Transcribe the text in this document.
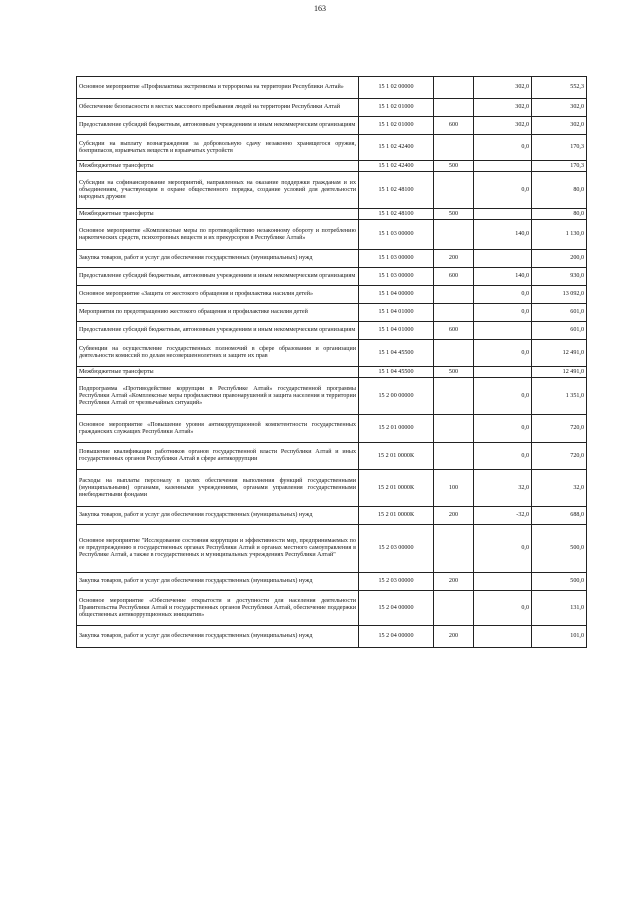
163
Основное мероприятие «Профилактика экстремизма и терроризма на территории Республики Алтай»	15 1 02 00000		302,0	552,3
Обеспечение безопасности в местах массового пребывания людей на территории Республики Алтай	15 1 02 01000		302,0	302,0
Предоставление субсидий бюджетным, автономным учреждениям и иным некоммерческим организациям	15 1 02 01000	600	302,0	302,0
Субсидии на выплату вознаграждения за добровольную сдачу незаконно хранящегося оружия, боеприпасов, взрывчатых веществ и взрывчатых устройств	15 1 02 42400		0,0	170,3
Межбюджетные трансферты	15 1 02 42400	500		170,3
Субсидии на софинансирование мероприятий, направленных на оказание поддержки гражданам и их объединениям, участвующим в охране общественного порядка, создание условий для деятельности народных дружин	15 1 02 48100		0,0	80,0
Межбюджетные трансферты	15 1 02 48100	500		80,0
Основное мероприятие «Комплексные меры по противодействию незаконному обороту и потреблению наркотических средств, психотропных веществ и их прекурсоров в Республике Алтай»	15 1 03 00000		140,0	1 130,0
Закупка товаров, работ и услуг для обеспечения государственных (муниципальных) нужд	15 1 03 00000	200		200,0
Предоставление субсидий бюджетным, автономным учреждениям и иным некоммерческим организациям	15 1 03 00000	600	140,0	930,0
Основное мероприятие «Защита от жестокого обращения и профилактика насилия детей»	15 1 04 00000		0,0	13 092,0
Мероприятия по предотвращению жестокого обращения и профилактике насилия детей	15 1 04 01000		0,0	601,0
Предоставление субсидий бюджетным, автономным учреждениям и иным некоммерческим организациям	15 1 04 01000	600		601,0
Субвенции на осуществление государственных полномочий в сфере образования и организации деятельности комиссий по делам несовершеннолетних и защите их прав	15 1 04 45500		0,0	12 491,0
Межбюджетные трансферты	15 1 04 45500	500		12 491,0
Подпрограмма «Противодействие коррупции в Республике Алтай» государственной программы Республики Алтай «Комплексные меры профилактики правонарушений и защита населения и территории Республики Алтай от чрезвычайных ситуаций»	15 2 00 00000		0,0	1 351,0
Основное мероприятие «Повышение уровня антикоррупционной компетентности государственных гражданских служащих Республики Алтай»	15 2 01 00000		0,0	720,0
Повышение квалификации работников органов государственной власти Республики Алтай и иных государственных органов Республики Алтай в сфере антикоррупции	15 2 01 0000К		0,0	720,0
Расходы на выплаты персоналу в целях обеспечения выполнения функций государственными (муниципальными) органами, казенными учреждениями, органами управления государственными внебюджетными фондами	15 2 01 0000К	100	32,0	32,0
Закупка товаров, работ и услуг для обеспечения государственных (муниципальных) нужд	15 2 01 0000К	200	-32,0	688,0
Основное мероприятие "Исследование состояния коррупции и эффективности мер, предпринимаемых по ее предупреждению в государственных органах Республики Алтай и органах местного самоуправления в Республике Алтай, а также в государственных и муниципальных учреждениях Республики Алтай"	15 2 03 00000		0,0	500,0
Закупка товаров, работ и услуг для обеспечения государственных (муниципальных) нужд	15 2 03 00000	200		500,0
Основное мероприятие «Обеспечение открытости и доступности для населения деятельности Правительства Республики Алтай и государственных органов Республики Алтай, обеспечение поддержки общественных антикоррупционных инициатив»	15 2 04 00000		0,0	131,0
Закупка товаров, работ и услуг для обеспечения государственных (муниципальных) нужд	15 2 04 00000	200		101,0
